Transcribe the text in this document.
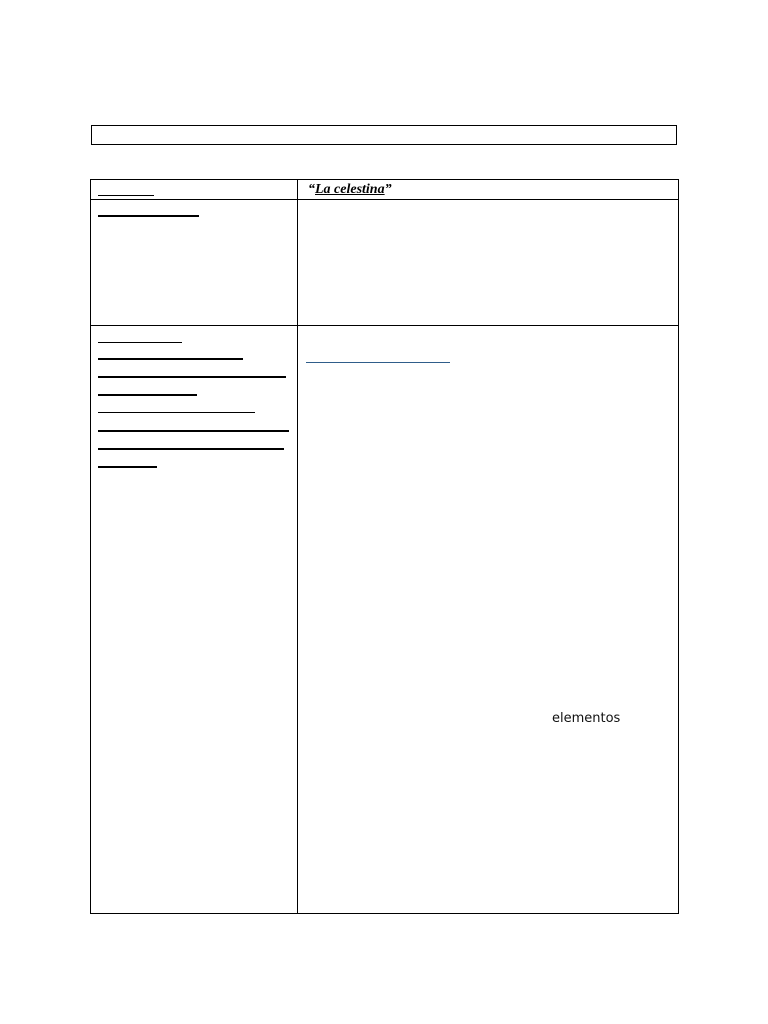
“La celestina”
elementos
